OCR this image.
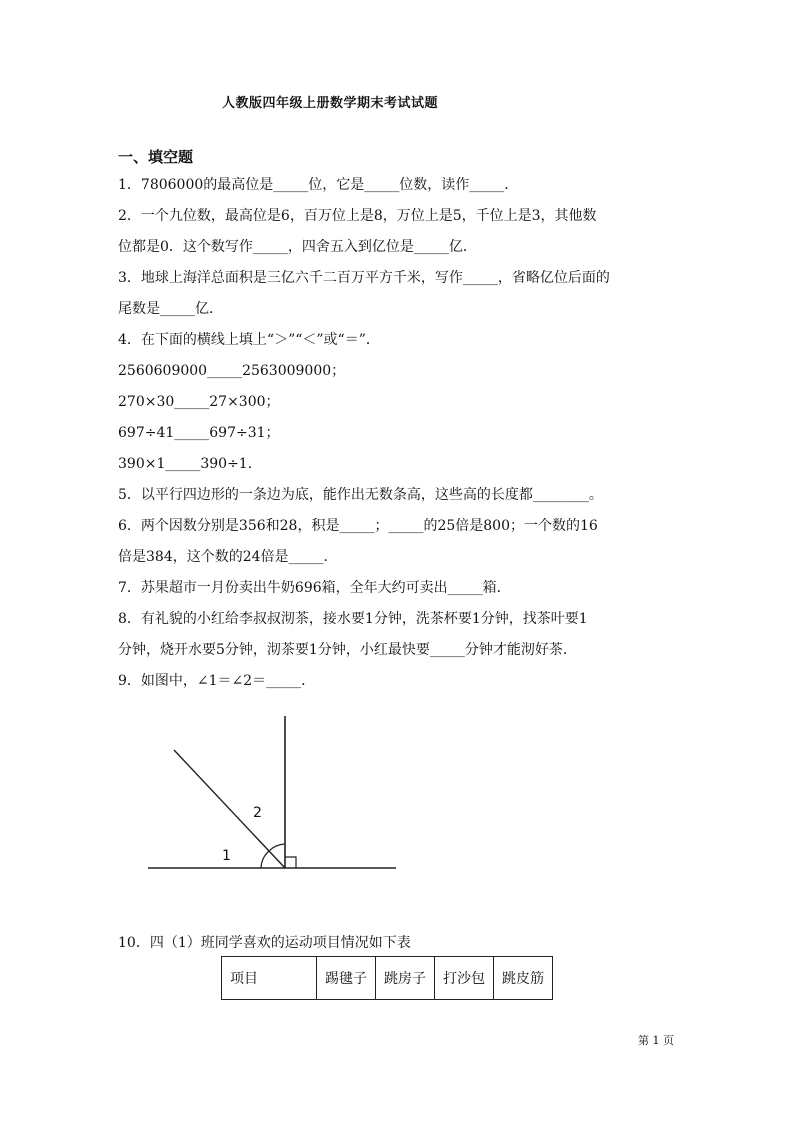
人教版四年级上册数学期末考试试题
一、填空题
1．7806000的最高位是_____位，它是_____位数，读作_____．
2．一个九位数，最高位是6，百万位上是8，万位上是5，千位上是3，其他数
位都是0．这个数写作_____，四舍五入到亿位是_____亿．
3．地球上海洋总面积是三亿六千二百万平方千米，写作_____，省略亿位后面的
尾数是_____亿．
4．在下面的横线上填上“＞”“＜”或“＝”．
2560609000_____2563009000；
270×30_____27×300；
697÷41_____697÷31；
390×1_____390÷1．
5．以平行四边形的一条边为底，能作出无数条高，这些高的长度都________。
6．两个因数分别是356和28，积是_____；_____的25倍是800；一个数的16
倍是384，这个数的24倍是_____．
7．苏果超市一月份卖出牛奶696箱，全年大约可卖出_____箱．
8．有礼貌的小红给李叔叔沏茶，接水要1分钟，洗茶杯要1分钟，找茶叶要1
分钟，烧开水要5分钟，沏茶要1分钟，小红最快要_____分钟才能沏好茶．
9．如图中，∠1＝∠2＝_____．
1
2
10．四（1）班同学喜欢的运动项目情况如下表
项目	踢毽子	跳房子	打沙包	跳皮筋
第 1 页
